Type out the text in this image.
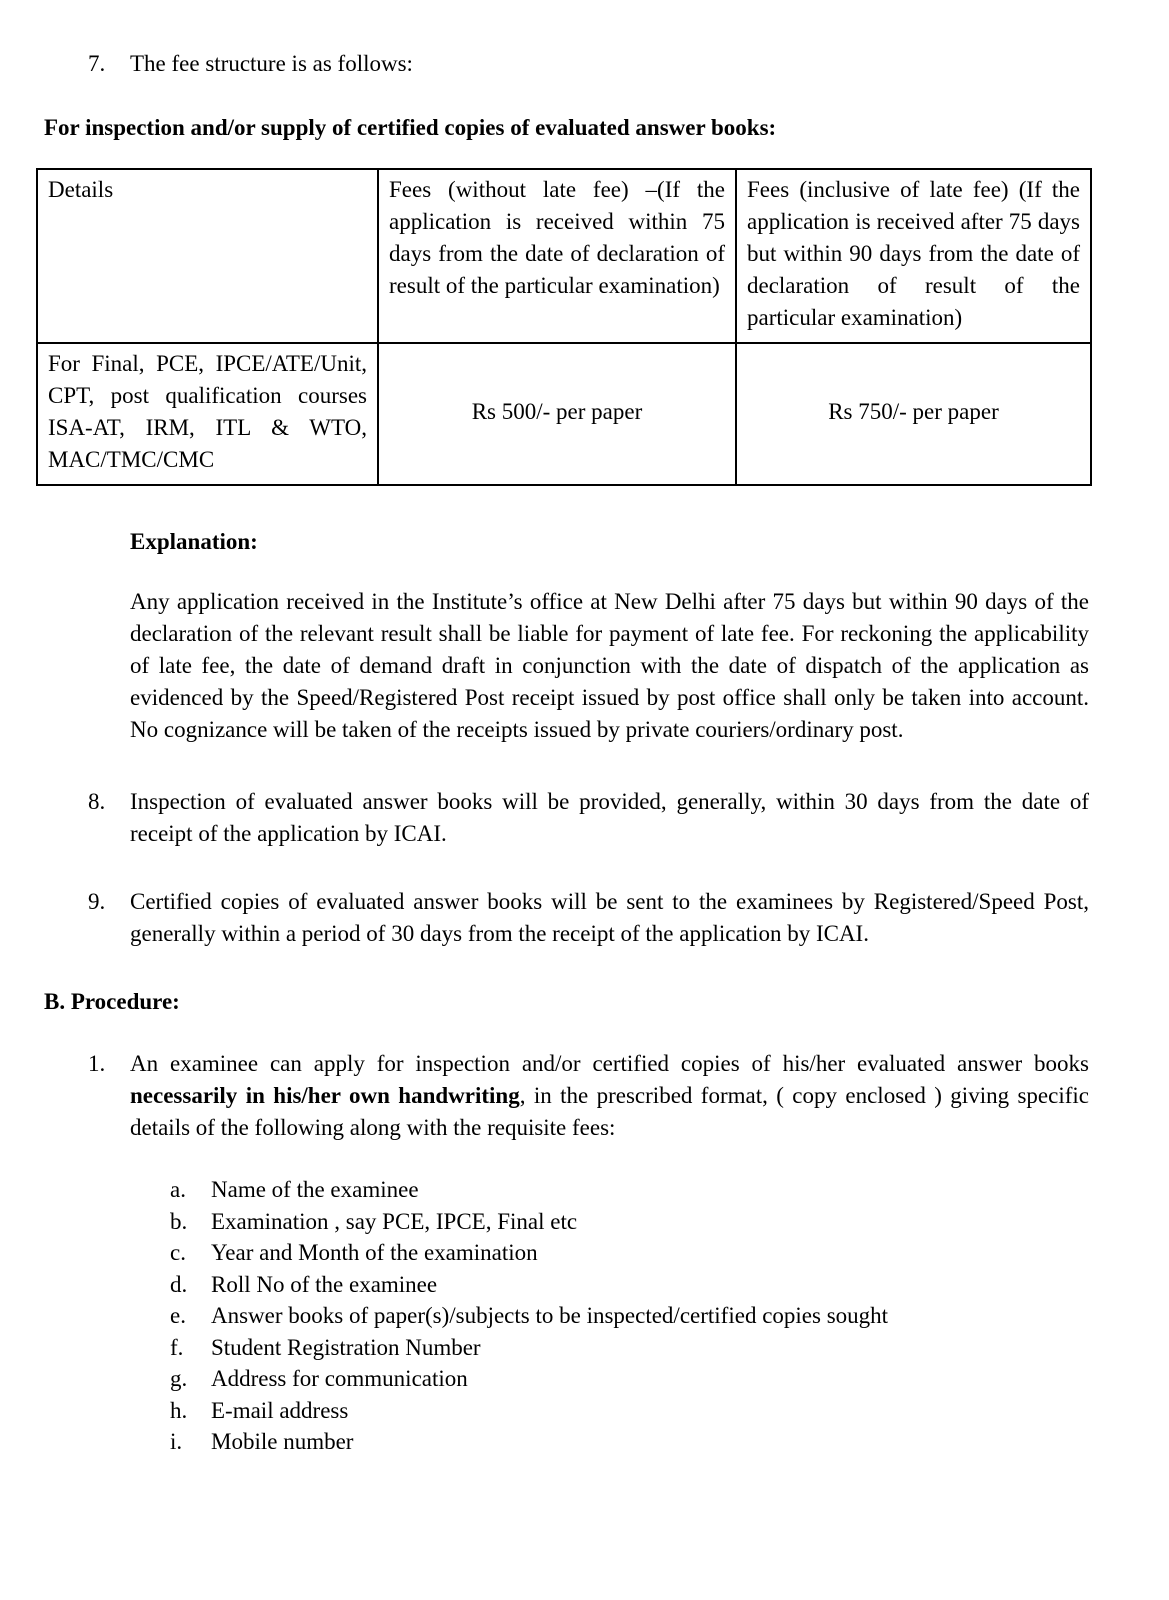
7.	The fee structure is as follows:
For inspection and/or supply of certified copies of evaluated answer books:
Details	Fees (without late fee) –(If the application is received within 75 days from the date of declaration of result of the particular examination)	Fees (inclusive of late fee) (If the application is received after 75 days but within 90 days from the date of declaration of result of the particular examination)
For Final, PCE, IPCE/ATE/Unit, CPT, post qualification courses ISA-AT, IRM, ITL & WTO, MAC/TMC/CMC	Rs 500/- per paper	Rs 750/- per paper
Explanation:
Any application received in the Institute’s office at New Delhi after 75 days but within 90 days of the declaration of the relevant result shall be liable for payment of late fee. For reckoning the applicability of late fee, the date of demand draft in conjunction with the date of dispatch of the application as evidenced by the Speed/Registered Post receipt issued by post office shall only be taken into account. No cognizance will be taken of the receipts issued by private couriers/ordinary post.
8.	Inspection of evaluated answer books will be provided, generally, within 30 days from the date of receipt of the application by ICAI.
9.	Certified copies of evaluated answer books will be sent to the examinees by Registered/Speed Post, generally within a period of 30 days from the receipt of the application by ICAI.
B. Procedure:
1.	An examinee can apply for inspection and/or certified copies of his/her evaluated answer books necessarily in his/her own handwriting, in the prescribed format, ( copy enclosed ) giving specific details of the following along with the requisite fees:
a.	Name of the examinee
b.	Examination , say PCE, IPCE, Final etc
c.	Year and Month of the examination
d.	Roll No of the examinee
e.	Answer books of paper(s)/subjects to be inspected/certified copies sought
f.	Student Registration Number
g.	Address for communication
h.	E-mail address
i.	Mobile number
